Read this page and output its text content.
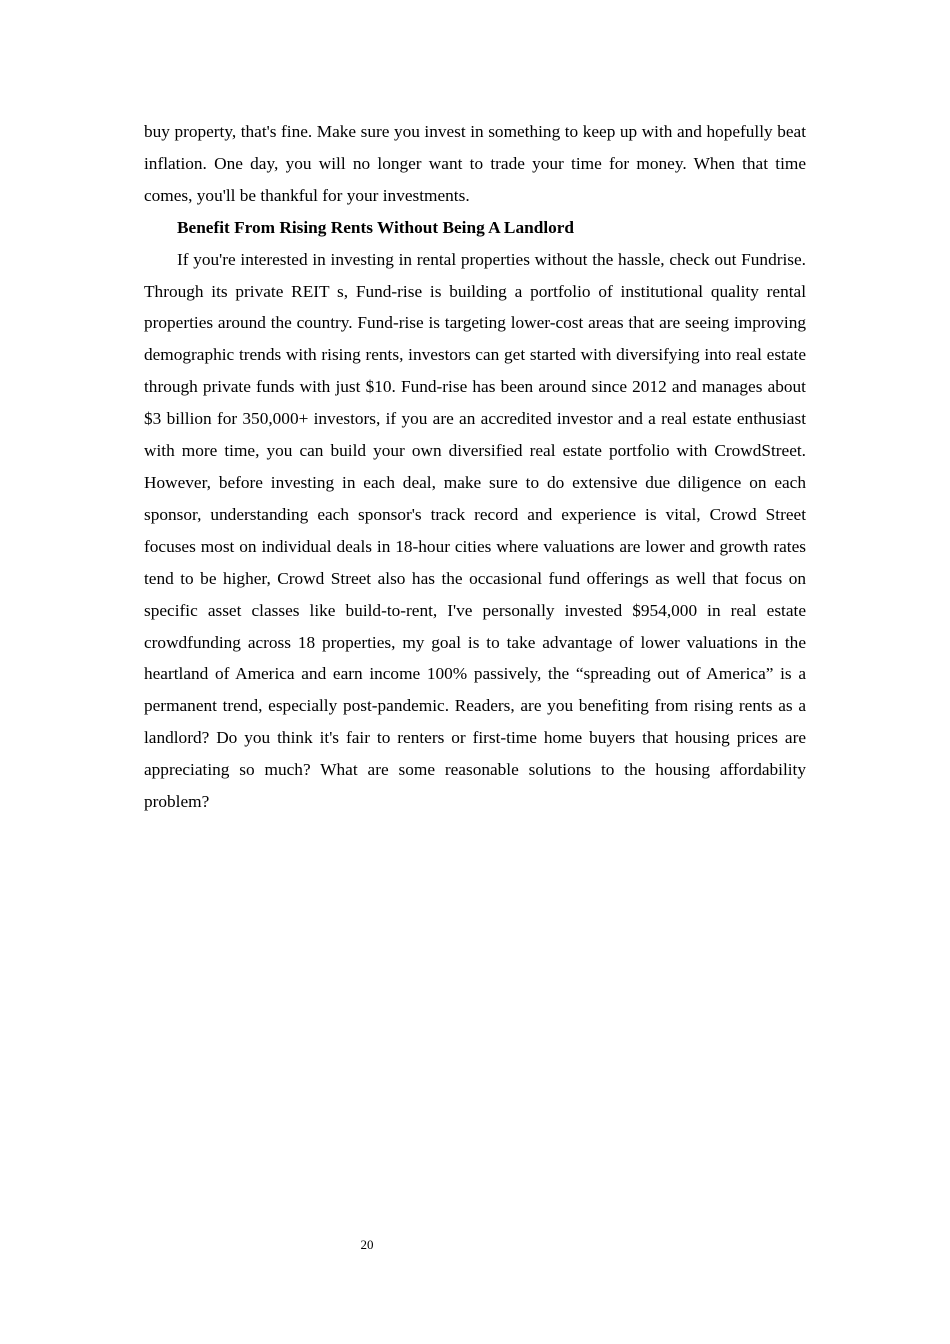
buy property, that's fine. Make sure you invest in something to keep up with and hopefully beat inflation. One day, you will no longer want to trade your time for money. When that time comes, you'll be thankful for your investments.

Benefit From Rising Rents Without Being A Landlord

If you're interested in investing in rental properties without the hassle, check out Fundrise. Through its private REIT s, Fund-rise is building a portfolio of institutional quality rental properties around the country. Fund-rise is targeting lower-cost areas that are seeing improving demographic trends with rising rents, investors can get started with diversifying into real estate through private funds with just $10. Fund-rise has been around since 2012 and manages about $3 billion for 350,000+ investors, if you are an accredited investor and a real estate enthusiast with more time, you can build your own diversified real estate portfolio with CrowdStreet. However, before investing in each deal, make sure to do extensive due diligence on each sponsor, understanding each sponsor's track record and experience is vital, Crowd Street focuses most on individual deals in 18-hour cities where valuations are lower and growth rates tend to be higher, Crowd Street also has the occasional fund offerings as well that focus on specific asset classes like build-to-rent, I've personally invested $954,000 in real estate crowdfunding across 18 properties, my goal is to take advantage of lower valuations in the heartland of America and earn income 100% passively, the “spreading out of America” is a permanent trend, especially post-pandemic. Readers, are you benefiting from rising rents as a landlord? Do you think it's fair to renters or first-time home buyers that housing prices are appreciating so much? What are some reasonable solutions to the housing affordability problem?

20
